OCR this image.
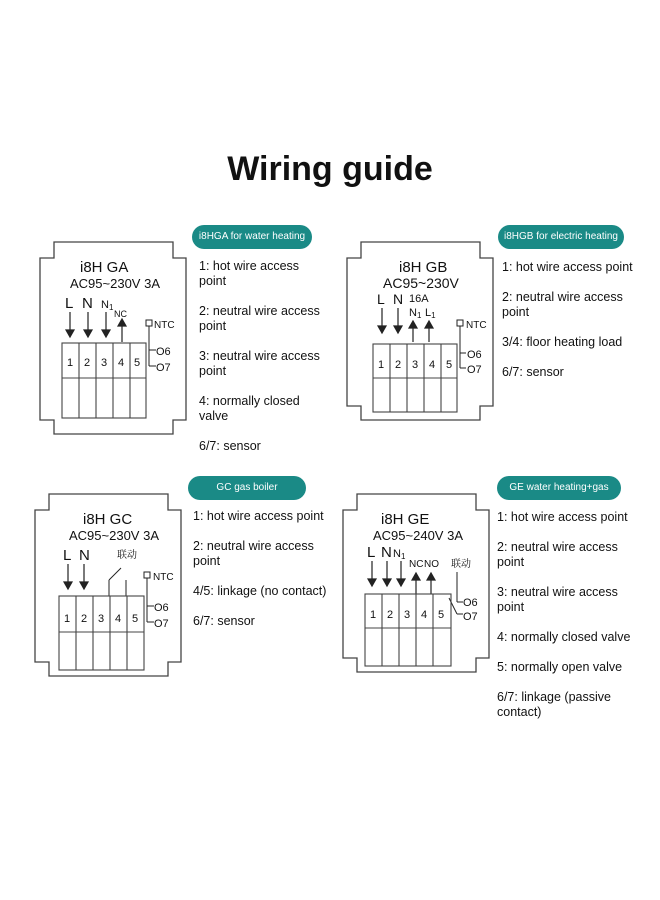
Wiring guide
i8HGA for water heating
i8H GA
AC95~230V 3A
L N N1
NC
NTC
O6
O7
1 2 3 4 5
1: hot wire access point
2: neutral wire access point
3: neutral wire access point
4: normally closed valve
6/7: sensor
i8HGB for electric heating
i8H GB
AC95~230V
L N 16A
N1 L1
NTC
O6
O7
1 2 3 4 5
1: hot wire access point
2: neutral wire access point
3/4: floor heating load
6/7: sensor
GC gas boiler
i8H GC
AC95~230V 3A
L N	联动
NTC
O6
O7
1 2 3 4 5
1: hot wire access point
2: neutral wire access point
4/5: linkage (no contact)
6/7: sensor
GE water heating+gas
i8H GE
AC95~240V 3A
L N N1
NC NO 联动
O6
O7
1 2 3 4 5
1: hot wire access point
2: neutral wire access point
3: neutral wire access point
4: normally closed valve
5: normally open valve
6/7: linkage (passive contact)
